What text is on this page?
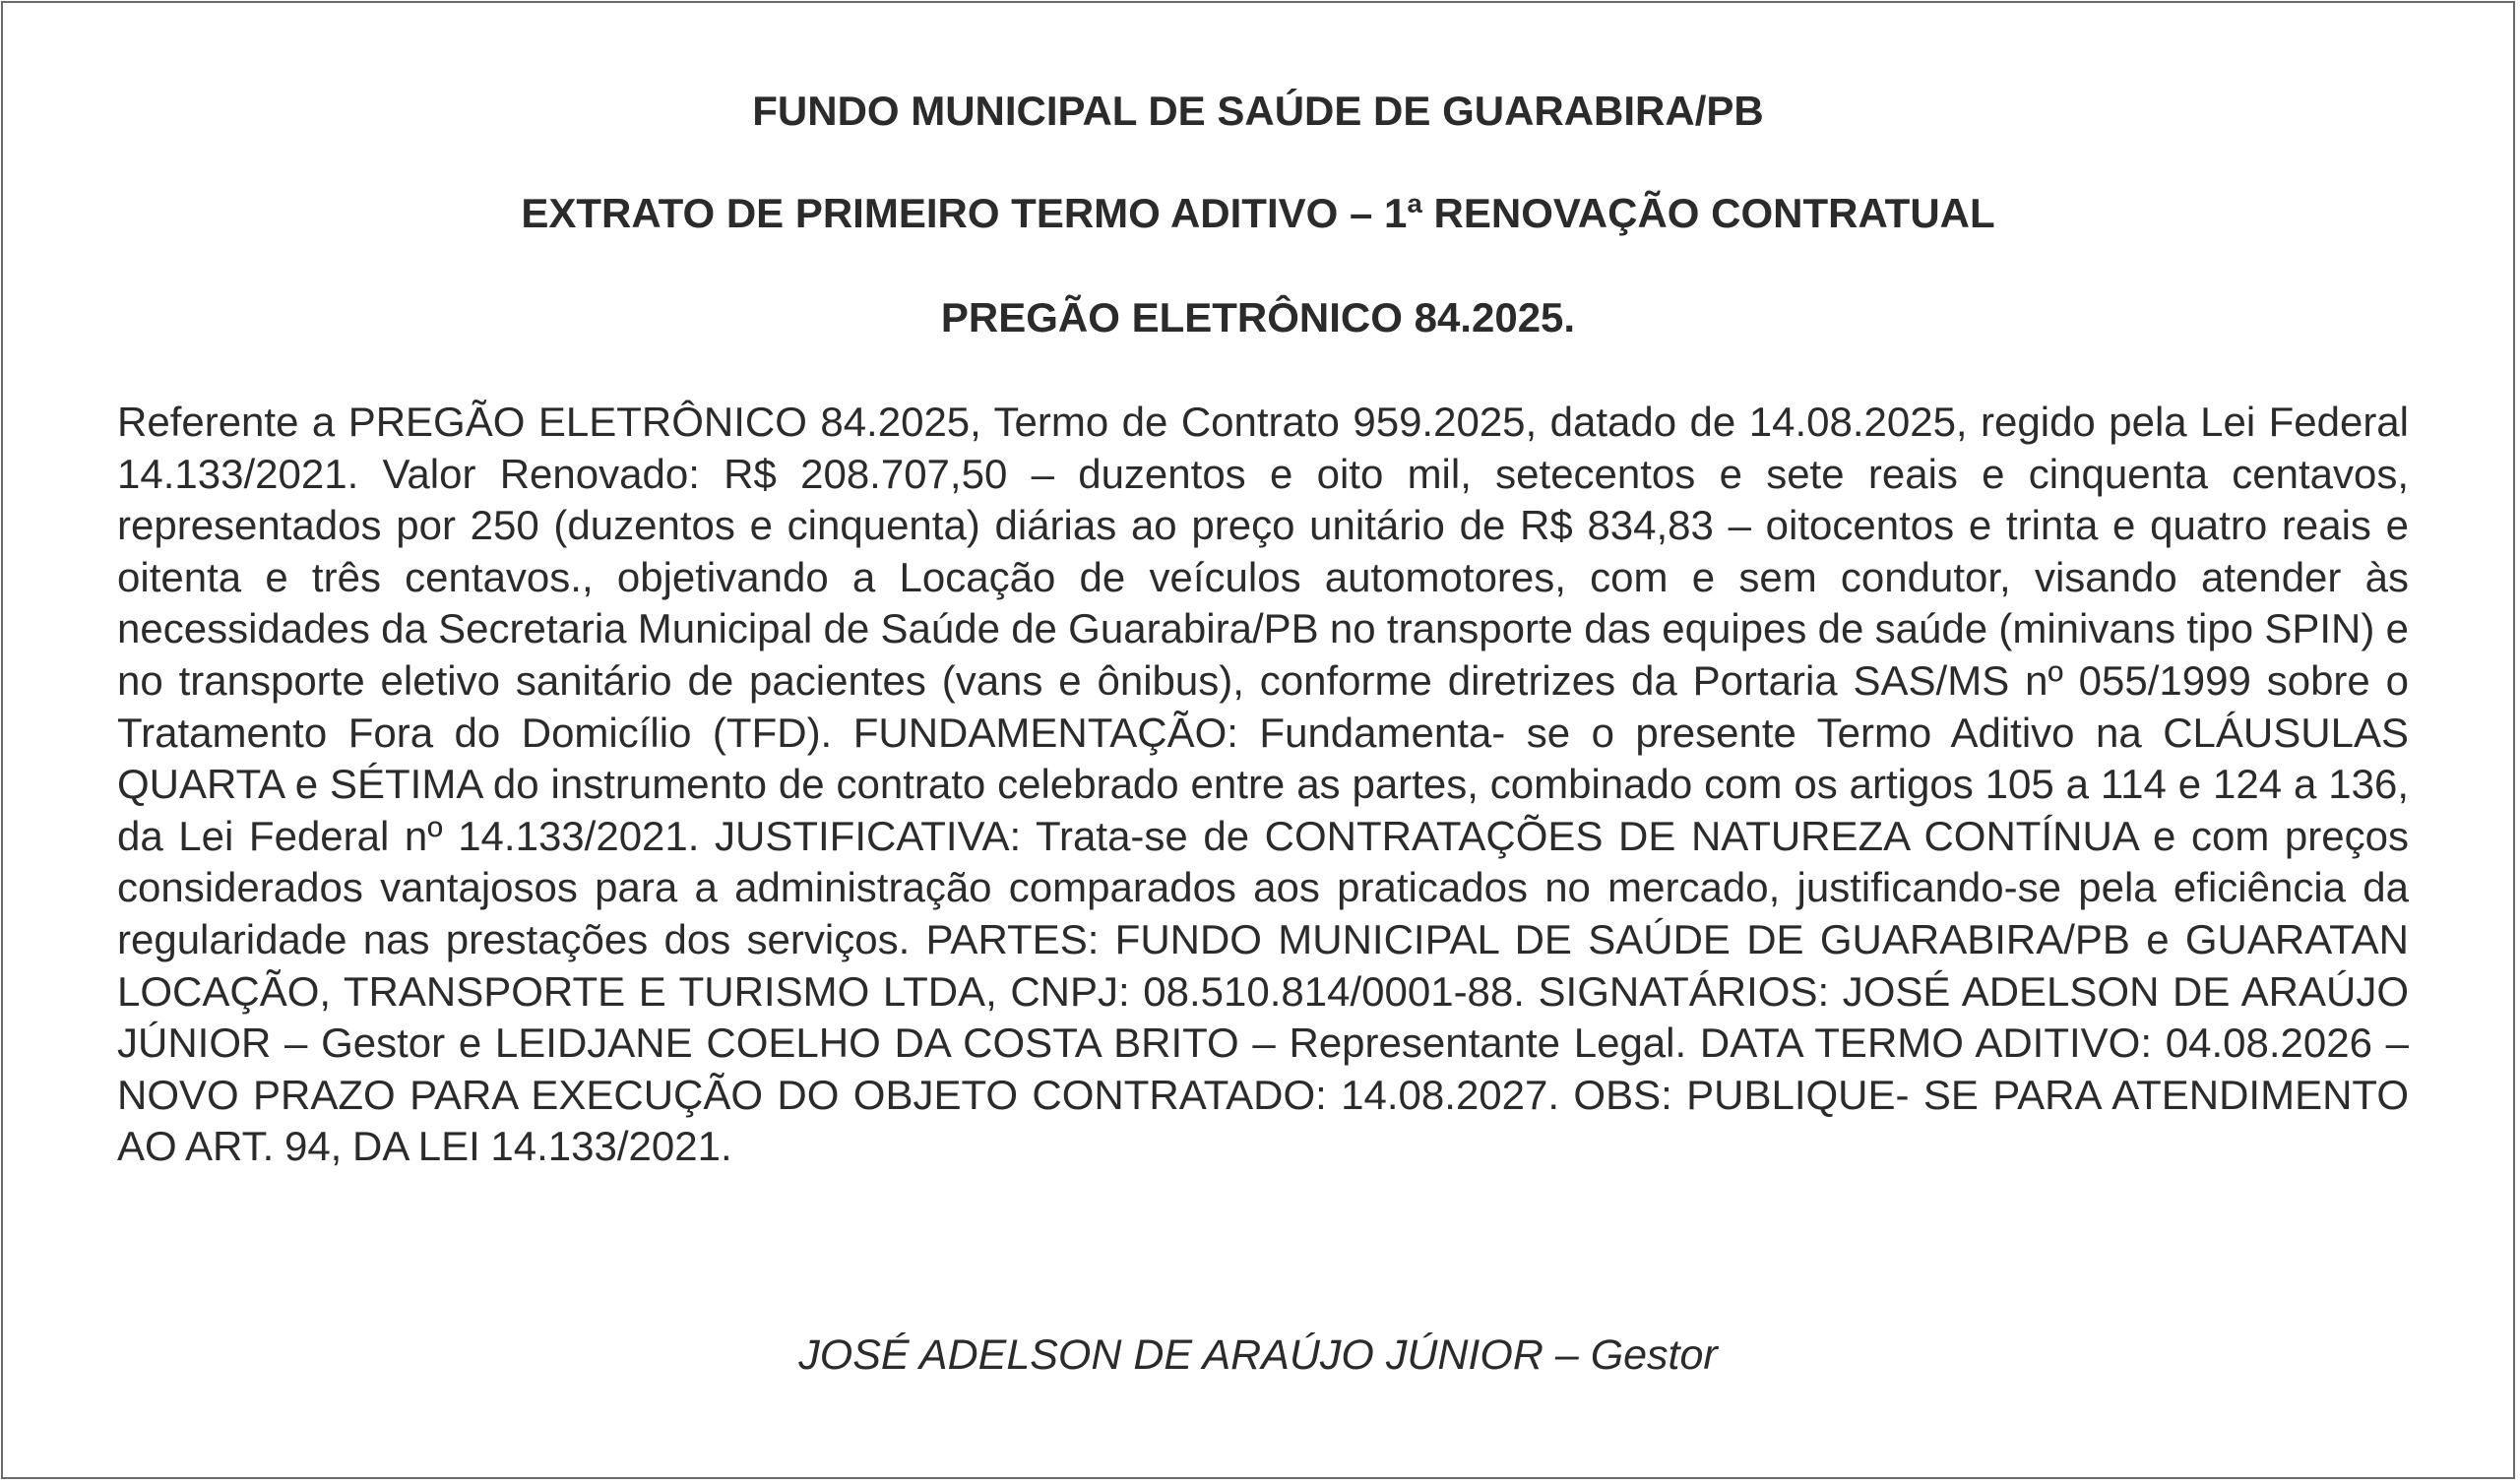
FUNDO MUNICIPAL DE SAÚDE DE GUARABIRA/PB
EXTRATO DE PRIMEIRO TERMO ADITIVO – 1ª RENOVAÇÃO CONTRATUAL
PREGÃO ELETRÔNICO 84.2025.

Referente a PREGÃO ELETRÔNICO 84.2025, Termo de Contrato 959.2025, datado de 14.08.2025, regido pela Lei Federal 14.133/2021. Valor Renovado: R$ 208.707,50 – duzentos e oito mil, setecentos e sete reais e cinquenta centavos, representados por 250 (duzentos e cinquenta) diárias ao preço unitário de R$ 834,83 – oitocentos e trinta e quatro reais e oitenta e três centavos., objetivando a Locação de veículos automotores, com e sem condutor, visando atender às necessidades da Secretaria Municipal de Saúde de Guarabira/PB no transporte das equipes de saúde (minivans tipo SPIN) e no transporte eletivo sanitário de pacientes (vans e ônibus), conforme diretrizes da Portaria SAS/MS nº 055/1999 sobre o Tratamento Fora do Domicílio (TFD). FUNDAMENTAÇÃO: Fundamenta- se o presente Termo Aditivo na CLÁUSULAS QUARTA e SÉTIMA do instrumento de contrato celebrado entre as partes, combinado com os artigos 105 a 114 e 124 a 136, da Lei Federal nº 14.133/2021. JUSTIFICATIVA: Trata-se de CONTRATAÇÕES DE NATUREZA CONTÍNUA e com preços considerados vantajosos para a administração comparados aos praticados no mercado, justificando-se pela eficiência da regularidade nas prestações dos serviços. PARTES: FUNDO MUNICIPAL DE SAÚDE DE GUARABIRA/PB e GUARATAN LOCAÇÃO, TRANSPORTE E TURISMO LTDA, CNPJ: 08.510.814/0001-88. SIGNATÁRIOS: JOSÉ ADELSON DE ARAÚJO JÚNIOR – Gestor e LEIDJANE COELHO DA COSTA BRITO – Representante Legal. DATA TERMO ADITIVO: 04.08.2026 – NOVO PRAZO PARA EXECUÇÃO DO OBJETO CONTRATADO: 14.08.2027. OBS: PUBLIQUE- SE PARA ATENDIMENTO AO ART. 94, DA LEI 14.133/2021.

JOSÉ ADELSON DE ARAÚJO JÚNIOR – Gestor
